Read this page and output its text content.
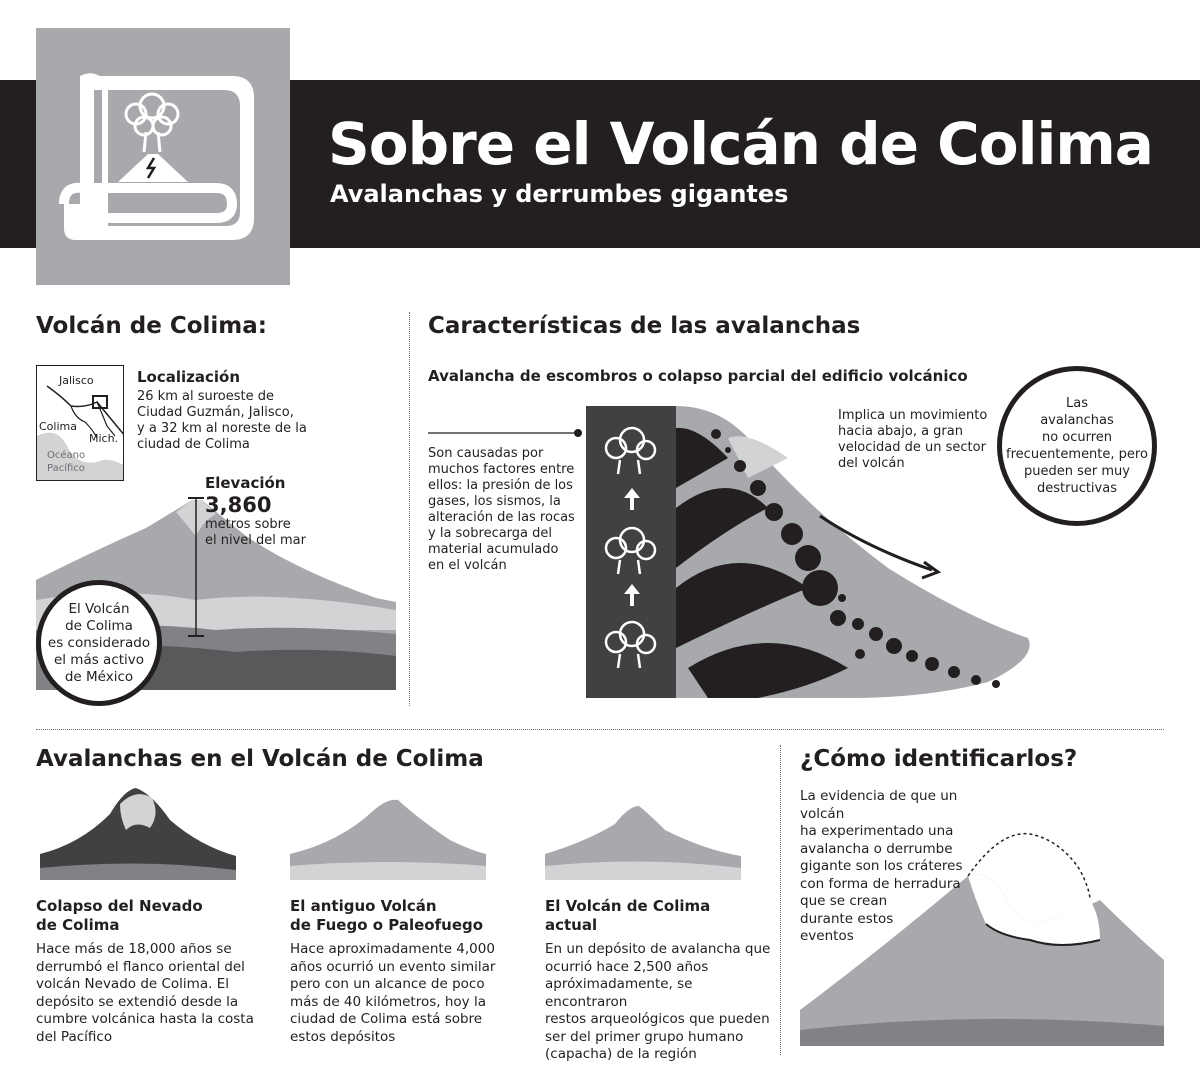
Sobre el Volcán de Colima
Avalanchas y derrumbes gigantes
Volcán de Colima:
Jalisco
Colima
Mich.
Océano
Pacífico
Localización
26 km al suroeste de
Ciudad Guzmán, Jalisco,
y a 32 km al noreste de la
ciudad de Colima
Elevación
3,860
metros sobre
el nivel del mar
El Volcán
de Colima
es considerado
el más activo
de México
Características de las avalanchas
Avalancha de escombros o colapso parcial del edificio volcánico
Son causadas por
muchos factores entre
ellos: la presión de los
gases, los sismos, la
alteración de las rocas
y la sobrecarga del
material acumulado
en el volcán
Implica un movimiento
hacia abajo, a gran
velocidad de un sector
del volcán
Las
avalanchas
no ocurren
frecuentemente, pero
pueden ser muy
destructivas
Avalanchas en el Volcán de Colima
Colapso del Nevado
de Colima
Hace más de 18,000 años se
derrumbó el flanco oriental del
volcán Nevado de Colima. El
depósito se extendió desde la
cumbre volcánica hasta la costa
del Pacífico
El antiguo Volcán
de Fuego o Paleofuego
Hace aproximadamente 4,000
años ocurrió un evento similar
pero con un alcance de poco
más de 40 kilómetros, hoy la
ciudad de Colima está sobre
estos depósitos
El Volcán de Colima
actual
En un depósito de avalancha que
ocurrió hace 2,500 años
apróximadamente, se encontraron
restos arqueológicos que pueden
ser del primer grupo humano
(capacha) de la región
¿Cómo identificarlos?
La evidencia de que un volcán
ha experimentado una
avalancha o derrumbe
gigante son los cráteres
con forma de herradura
que se crean
durante estos
eventos
